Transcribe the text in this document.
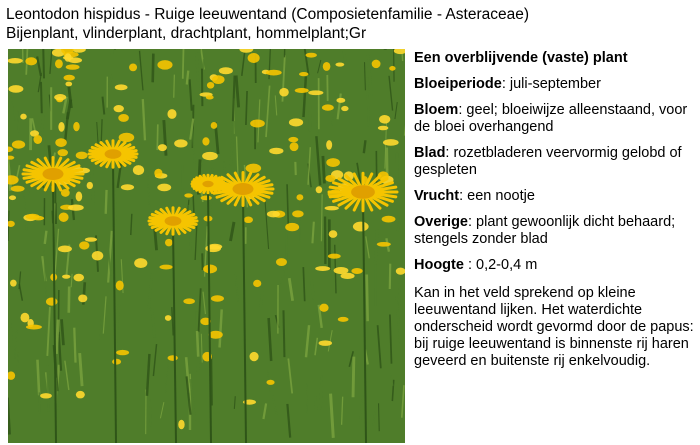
Leontodon hispidus - Ruige leeuwentand (Composietenfamilie - Asteraceae)
Bijenplant, vlinderplant, drachtplant, hommelplant;Gr
Een overblijvende (vaste) plant
Bloeiperiode: juli-september
Bloem: geel; bloeiwijze alleenstaand, voor de bloei overhangend
Blad: rozetbladeren veervormig gelobd of gespleten
Vrucht: een nootje
Overige: plant gewoonlijk dicht behaard; stengels zonder blad
Hoogte : 0,2-0,4 m
Kan in het veld sprekend op kleine leeuwentand lijken. Het waterdichte onderscheid wordt gevormd door de papus: bij ruige leeuwentand is binnenste rij haren geveerd en buitenste rij enkelvoudig.
